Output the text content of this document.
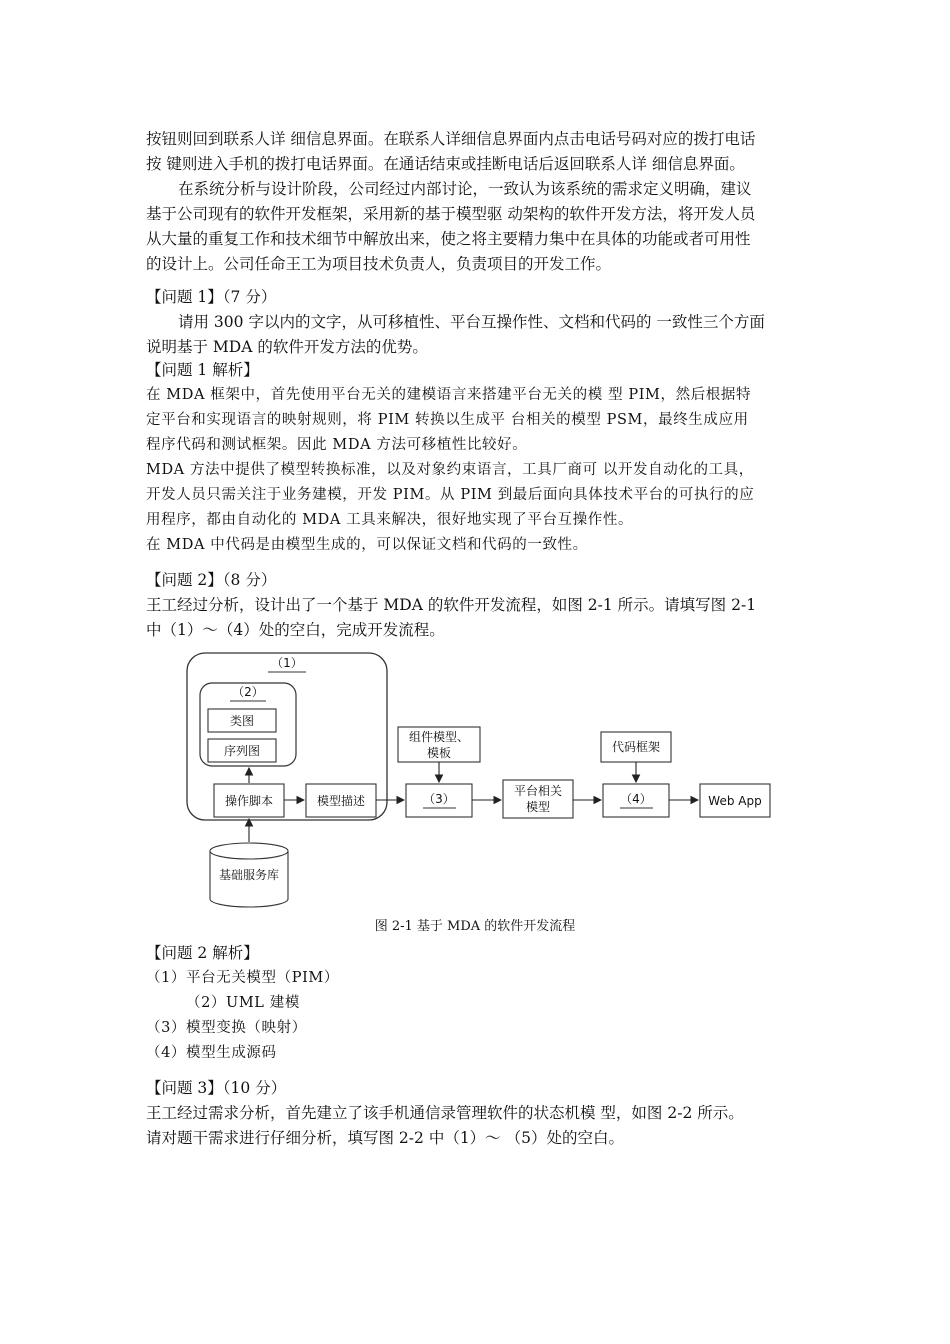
按钮则回到联系人详 细信息界面。在联系人详细信息界面内点击电话号码对应的拨打电话
按 键则进入手机的拨打电话界面。在通话结束或挂断电话后返回联系人详 细信息界面。
在系统分析与设计阶段，公司经过内部讨论，一致认为该系统的需求定义明确，建议
基于公司现有的软件开发框架，采用新的基于模型驱 动架构的软件开发方法，将开发人员
从大量的重复工作和技术细节中解放出来，使之将主要精力集中在具体的功能或者可用性
的设计上。公司任命王工为项目技术负责人，负责项目的开发工作。
【问题 1】（7 分）
请用 300 字以内的文字，从可移植性、平台互操作性、文档和代码的 一致性三个方面
说明基于 MDA 的软件开发方法的优势。
【问题 1 解析】
在 MDA 框架中，首先使用平台无关的建模语言来搭建平台无关的模 型 PIM，然后根据特
定平台和实现语言的映射规则，将 PIM 转换以生成平 台相关的模型 PSM，最终生成应用
程序代码和测试框架。因此 MDA 方法可移植性比较好。
MDA 方法中提供了模型转换标准，以及对象约束语言，工具厂商可 以开发自动化的工具，
开发人员只需关注于业务建模，开发 PIM。从 PIM 到最后面向具体技术平台的可执行的应
用程序，都由自动化的 MDA 工具来解决，很好地实现了平台互操作性。
在 MDA 中代码是由模型生成的，可以保证文档和代码的一致性。
【问题 2】（8 分）
王工经过分析，设计出了一个基于 MDA 的软件开发流程，如图 2-1 所示。请填写图 2-1
中（1）～（4）处的空白，完成开发流程。
（1）
（2）
类图
序列图
操作脚本	模型描述
组件模型、
模板
（3）
平台相关
模型
代码框架
（4）	Web App
基础服务库
图 2-1 基于 MDA 的软件开发流程
【问题 2 解析】
（1）平台无关模型（PIM）
（2）UML 建模
（3）模型变换（映射）
（4）模型生成源码
【问题 3】（10 分）
王工经过需求分析，首先建立了该手机通信录管理软件的状态机模 型，如图 2-2 所示。
请对题干需求进行仔细分析，填写图 2-2 中（1）～ （5）处的空白。
